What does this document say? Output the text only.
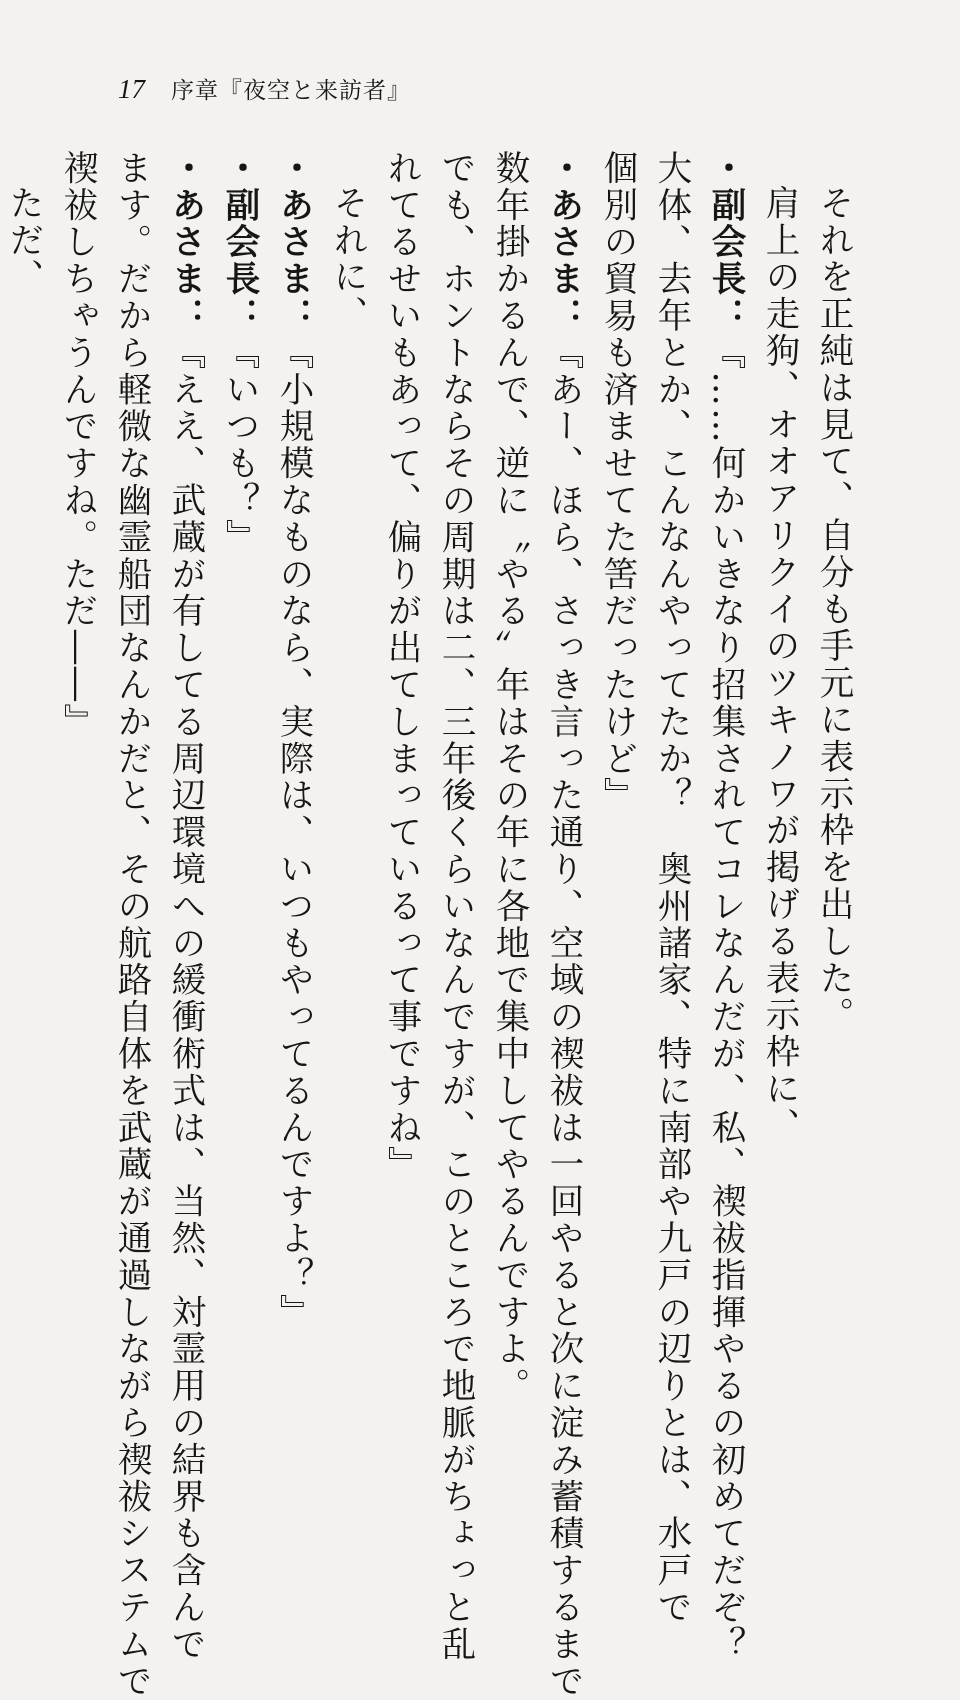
17 序章『夜空と来訪者』
それを正純は見て、自分も手元に表示枠を出した。
肩上の走狗、オオアリクイのツキノワが掲げる表示枠に、
・副会長：『……何かいきなり招集されてコレなんだが、私、禊祓指揮やるの初めてだぞ？
大体、去年とか、こんなんやってたか？　奥州諸家、特に南部や九戸の辺りとは、水戸で
個別の貿易も済ませてた筈だったけど』
・あさま：『あー、ほら、さっき言った通り、空域の禊祓は一回やると次に淀み蓄積するまで
数年掛かるんで、逆に〝やる〟年はその年に各地で集中してやるんですよ。
でも、ホントならその周期は二、三年後くらいなんですが、このところで地脈がちょっと乱
れてるせいもあって、偏りが出てしまっているって事ですね』
それに、
・あさま：『小規模なものなら、実際は、いつもやってるんですよ？』
・副会長：『いつも？』
・あさま：『ええ、武蔵が有してる周辺環境への緩衝術式は、当然、対霊用の結界も含んで
ます。だから軽微な幽霊船団なんかだと、その航路自体を武蔵が通過しながら禊祓システムで
禊祓しちゃうんですね。ただ――』
ただ、
